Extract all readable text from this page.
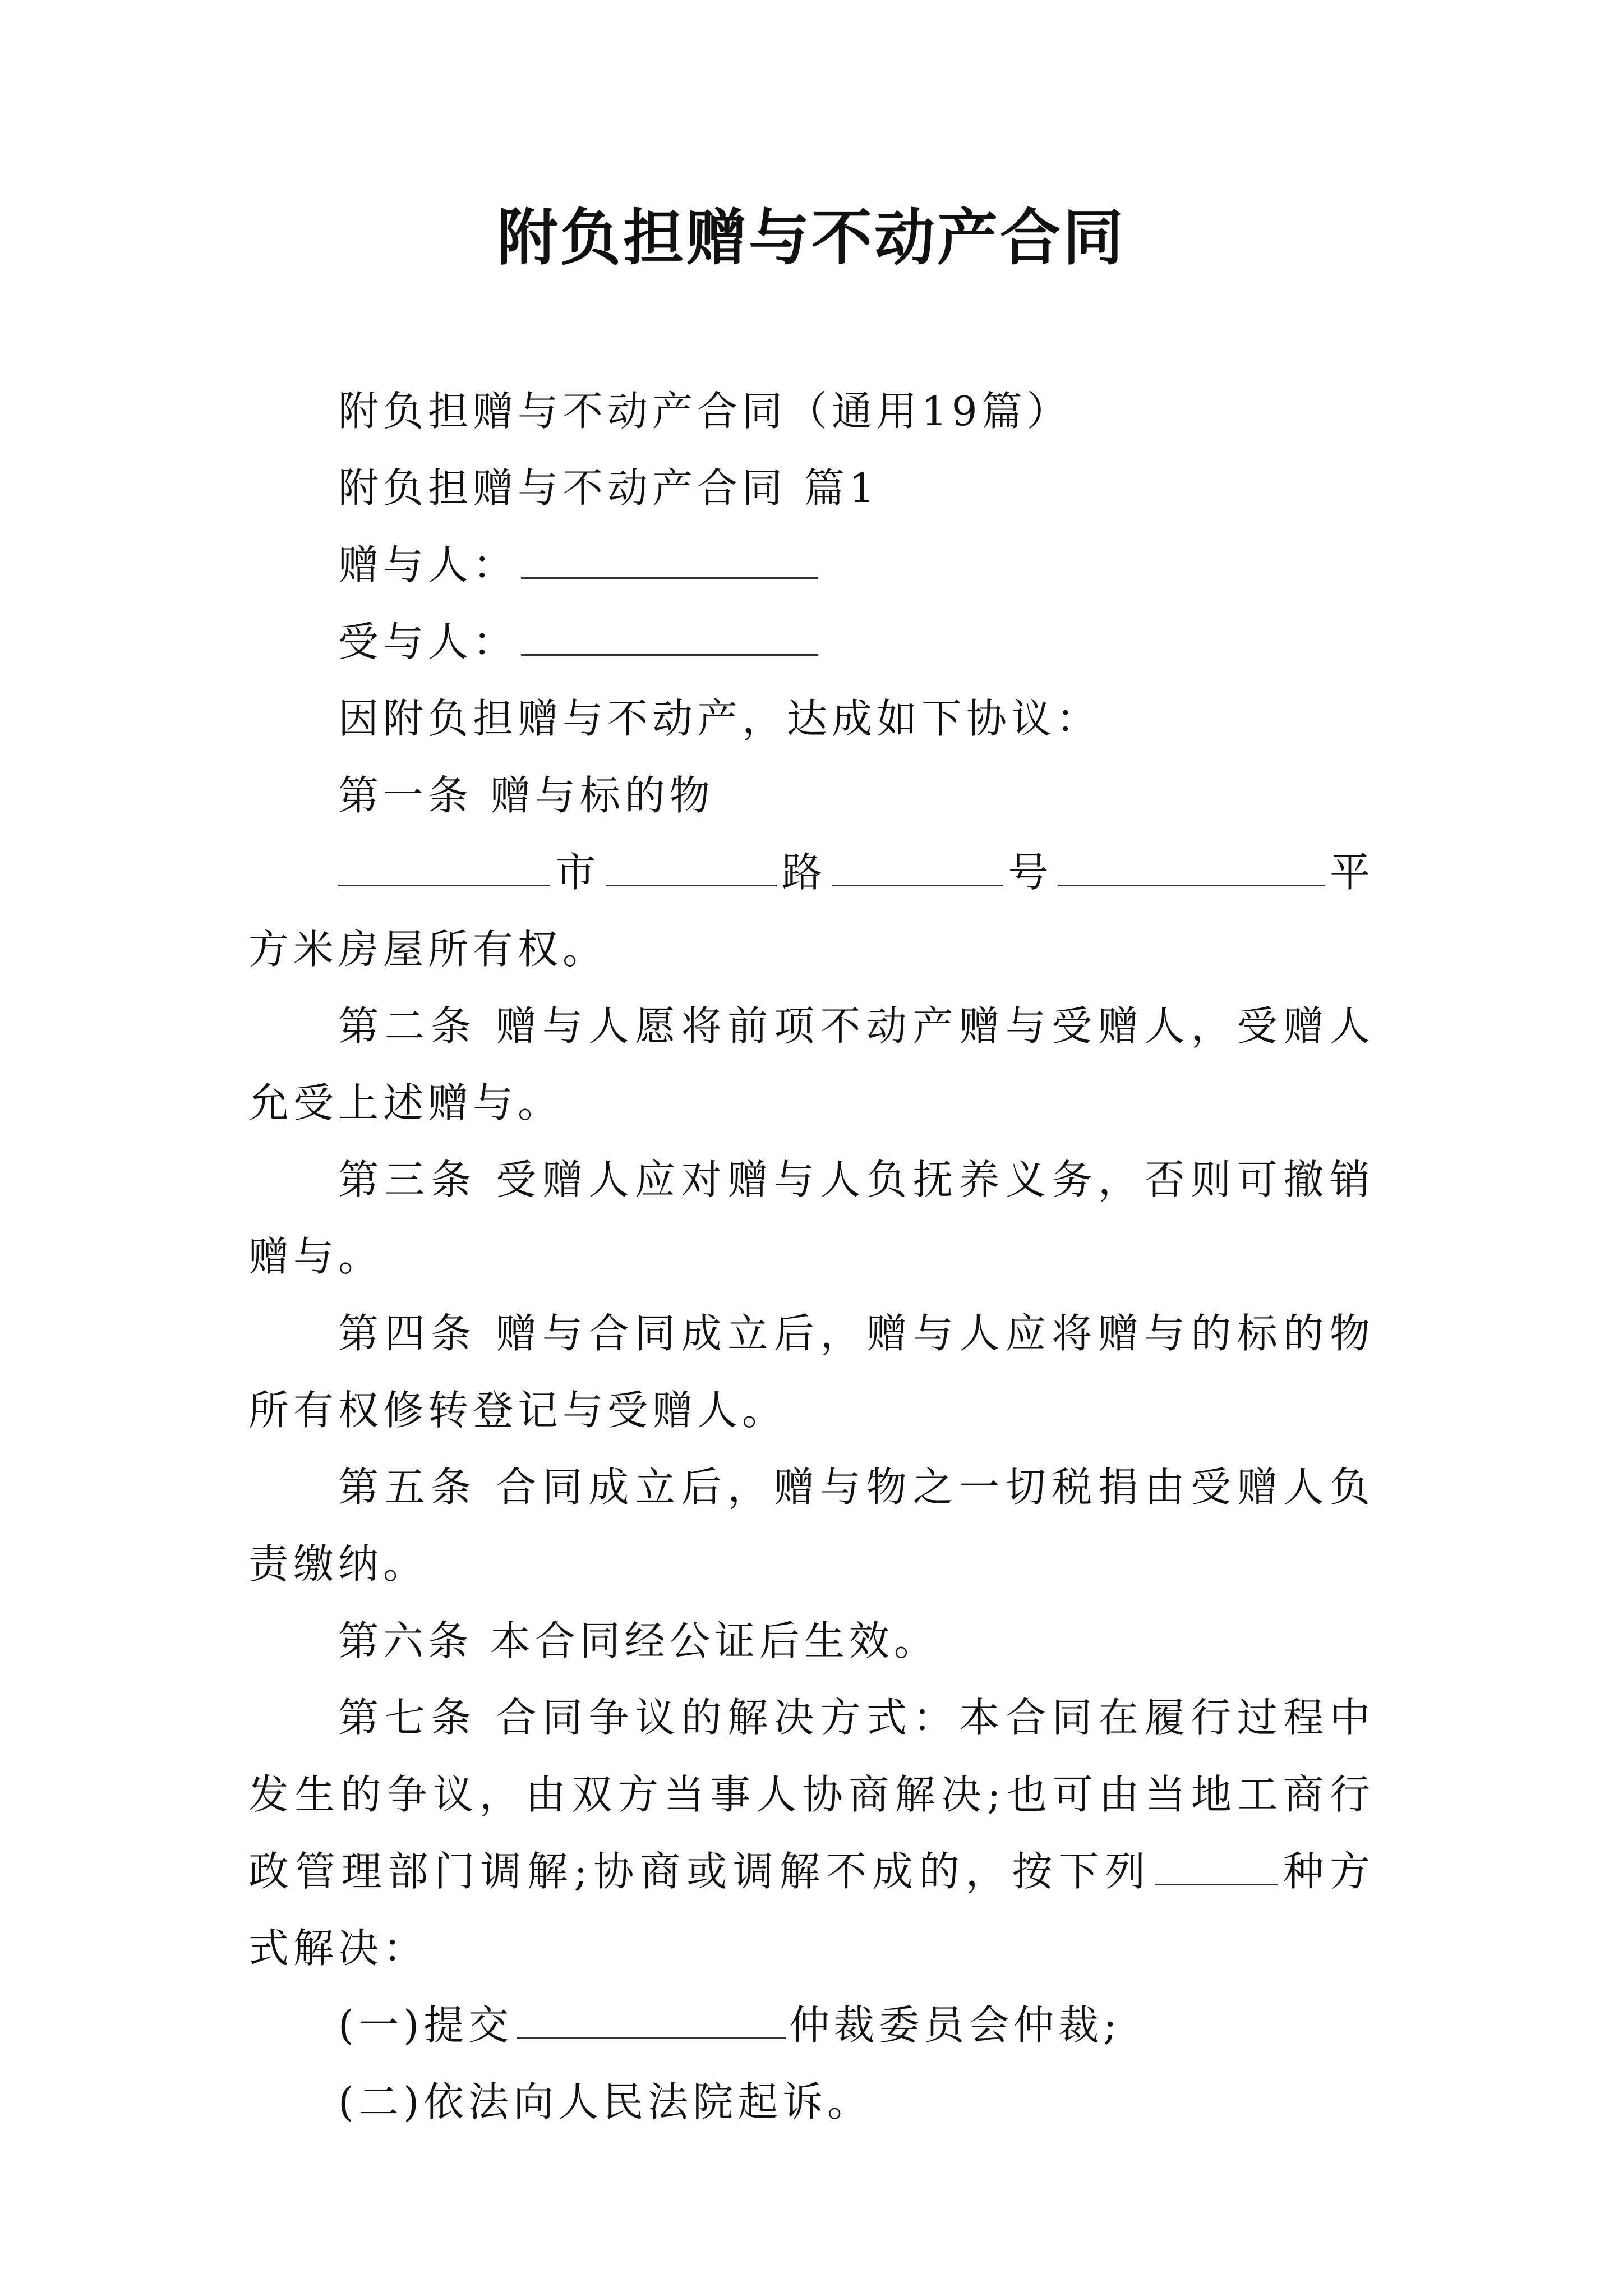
附负担赠与不动产合同

附负担赠与不动产合同（通用19篇）

附负担赠与不动产合同 篇1

赠与人：

受与人：

因附负担赠与不动产，达成如下协议：

第一条 赠与标的物

市	路	号	平方米房屋所有权。

第二条 赠与人愿将前项不动产赠与受赠人，受赠人允受上述赠与。

第三条 受赠人应对赠与人负抚养义务，否则可撤销赠与。

第四条 赠与合同成立后，赠与人应将赠与的标的物所有权修转登记与受赠人。

第五条 合同成立后，赠与物之一切税捐由受赠人负责缴纳。

第六条 本合同经公证后生效。

第七条 合同争议的解决方式：本合同在履行过程中发生的争议，由双方当事人协商解决;也可由当地工商行政管理部门调解;协商或调解不成的，按下列	种方式解决：

(一)提交	仲裁委员会仲裁;

(二)依法向人民法院起诉。
